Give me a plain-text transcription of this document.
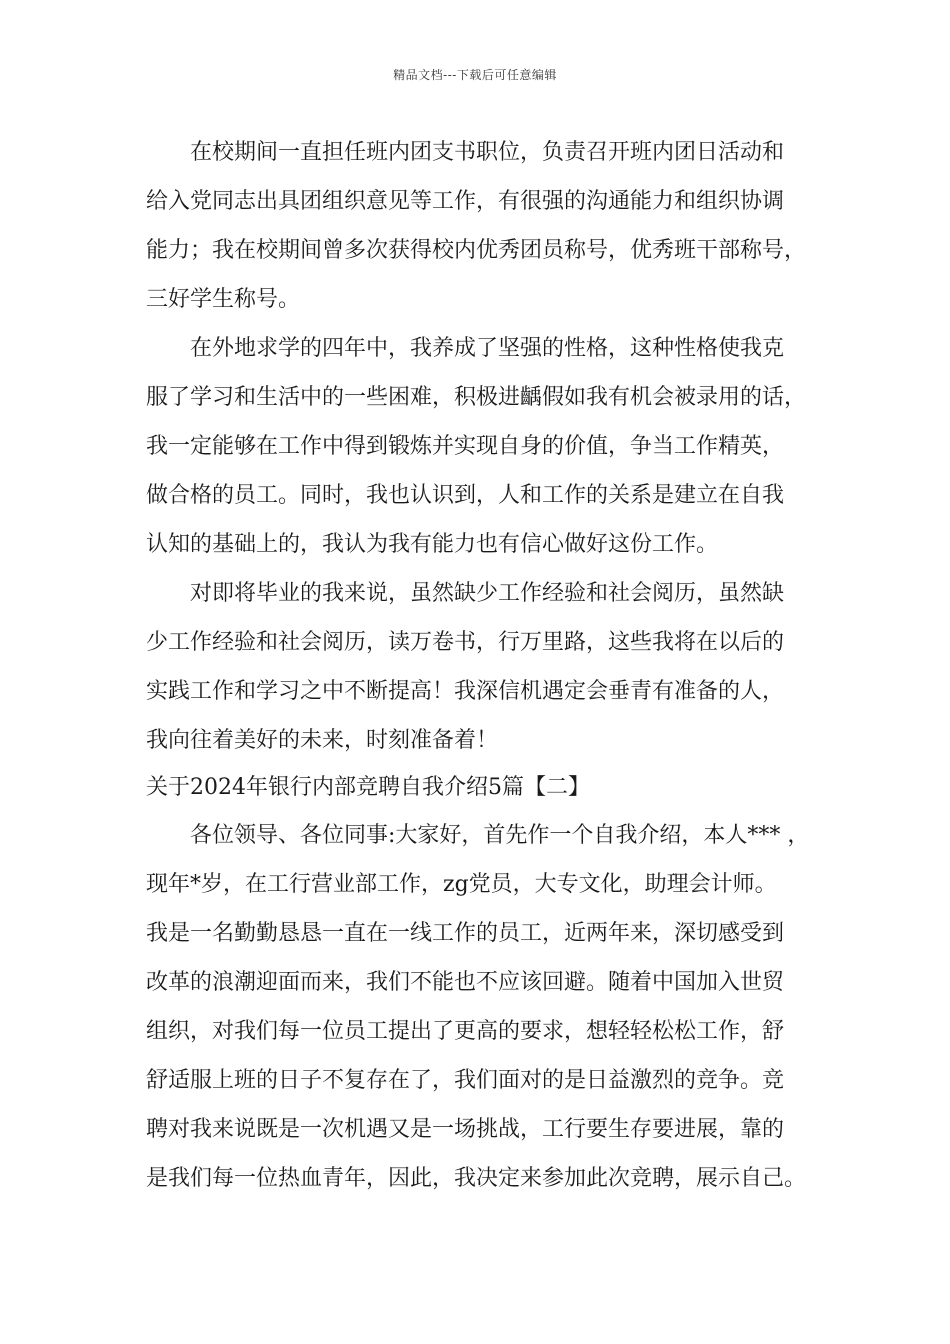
精品文档---下载后可任意编辑
在校期间一直担任班内团支书职位，负责召开班内团日活动和
给入党同志出具团组织意见等工作，有很强的沟通能力和组织协调
能力；我在校期间曾多次获得校内优秀团员称号，优秀班干部称号，
三好学生称号。
在外地求学的四年中，我养成了坚强的性格，这种性格使我克
服了学习和生活中的一些困难，积极进齲假如我有机会被录用的话，
我一定能够在工作中得到锻炼并实现自身的价值，争当工作精英，
做合格的员工。同时，我也认识到，人和工作的关系是建立在自我
认知的基础上的，我认为我有能力也有信心做好这份工作。
对即将毕业的我来说，虽然缺少工作经验和社会阅历，虽然缺
少工作经验和社会阅历，读万卷书，行万里路，这些我将在以后的
实践工作和学习之中不断提高！我深信机遇定会垂青有准备的人，
我向往着美好的未来，时刻准备着！
关于2024年银行内部竞聘自我介绍5篇【二】
各位领导、各位同事:大家好，首先作一个自我介绍，本人*** ，
现年*岁，在工行营业部工作，zg党员，大专文化，助理会计师。
我是一名勤勤恳恳一直在一线工作的员工，近两年来，深切感受到
改革的浪潮迎面而来，我们不能也不应该回避。随着中国加入世贸
组织，对我们每一位员工提出了更高的要求，想轻轻松松工作，舒
舒适服上班的日子不复存在了，我们面对的是日益激烈的竞争。竞
聘对我来说既是一次机遇又是一场挑战，工行要生存要进展，靠的
是我们每一位热血青年，因此，我决定来参加此次竞聘，展示自己。
